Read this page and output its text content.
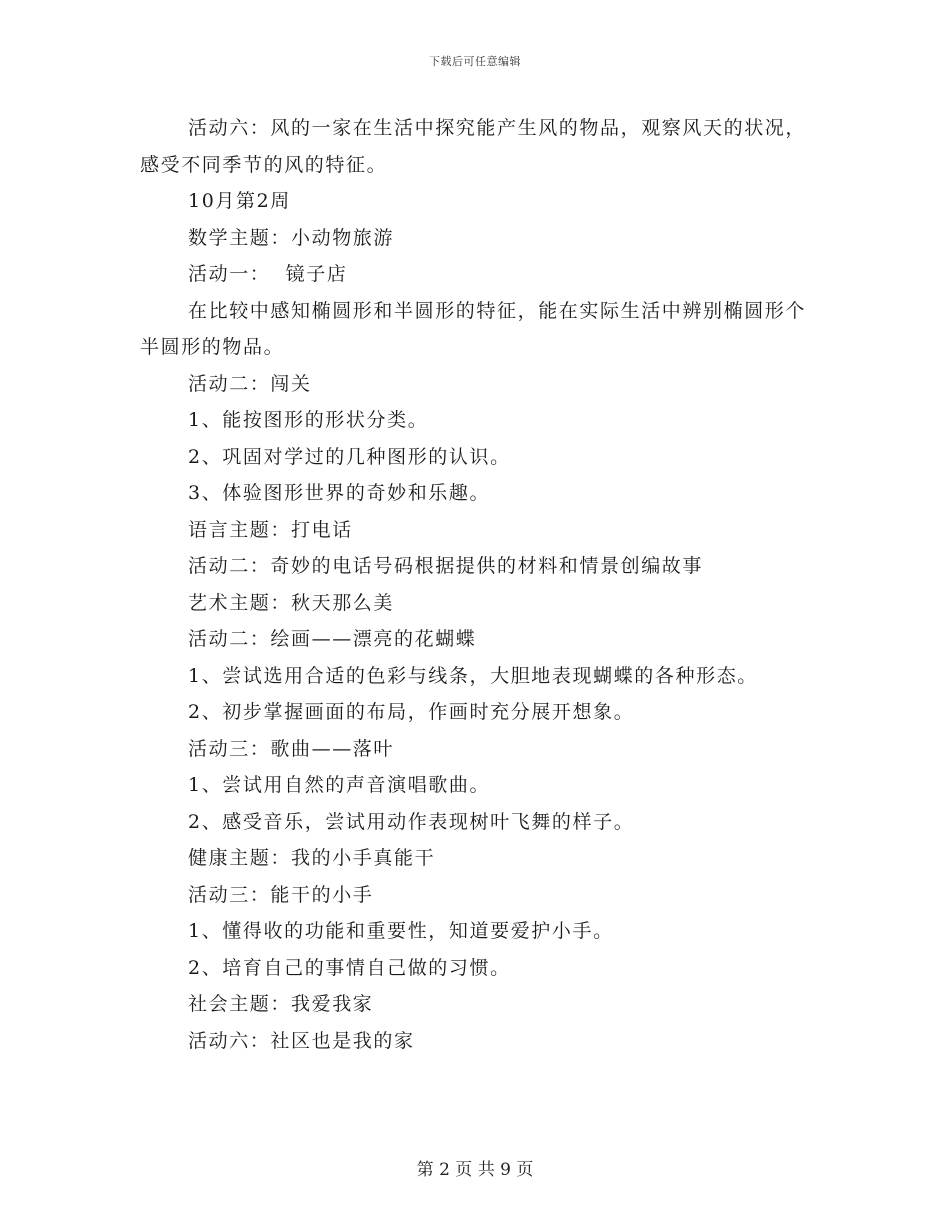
下载后可任意编辑
活动六：风的一家在生活中探究能产生风的物品，观察风天的状况，感受不同季节的风的特征。
10月第2周
数学主题：小动物旅游
活动一：  镜子店
在比较中感知椭圆形和半圆形的特征，能在实际生活中辨别椭圆形个半圆形的物品。
活动二：闯关
1、能按图形的形状分类。
2、巩固对学过的几种图形的认识。
3、体验图形世界的奇妙和乐趣。
语言主题：打电话
活动二：奇妙的电话号码根据提供的材料和情景创编故事
艺术主题：秋天那么美
活动二：绘画——漂亮的花蝴蝶
1、尝试选用合适的色彩与线条，大胆地表现蝴蝶的各种形态。
2、初步掌握画面的布局，作画时充分展开想象。
活动三：歌曲——落叶
1、尝试用自然的声音演唱歌曲。
2、感受音乐，尝试用动作表现树叶飞舞的样子。
健康主题：我的小手真能干
活动三：能干的小手
1、懂得收的功能和重要性，知道要爱护小手。
2、培育自己的事情自己做的习惯。
社会主题：我爱我家
活动六：社区也是我的家
第 2 页 共 9 页
